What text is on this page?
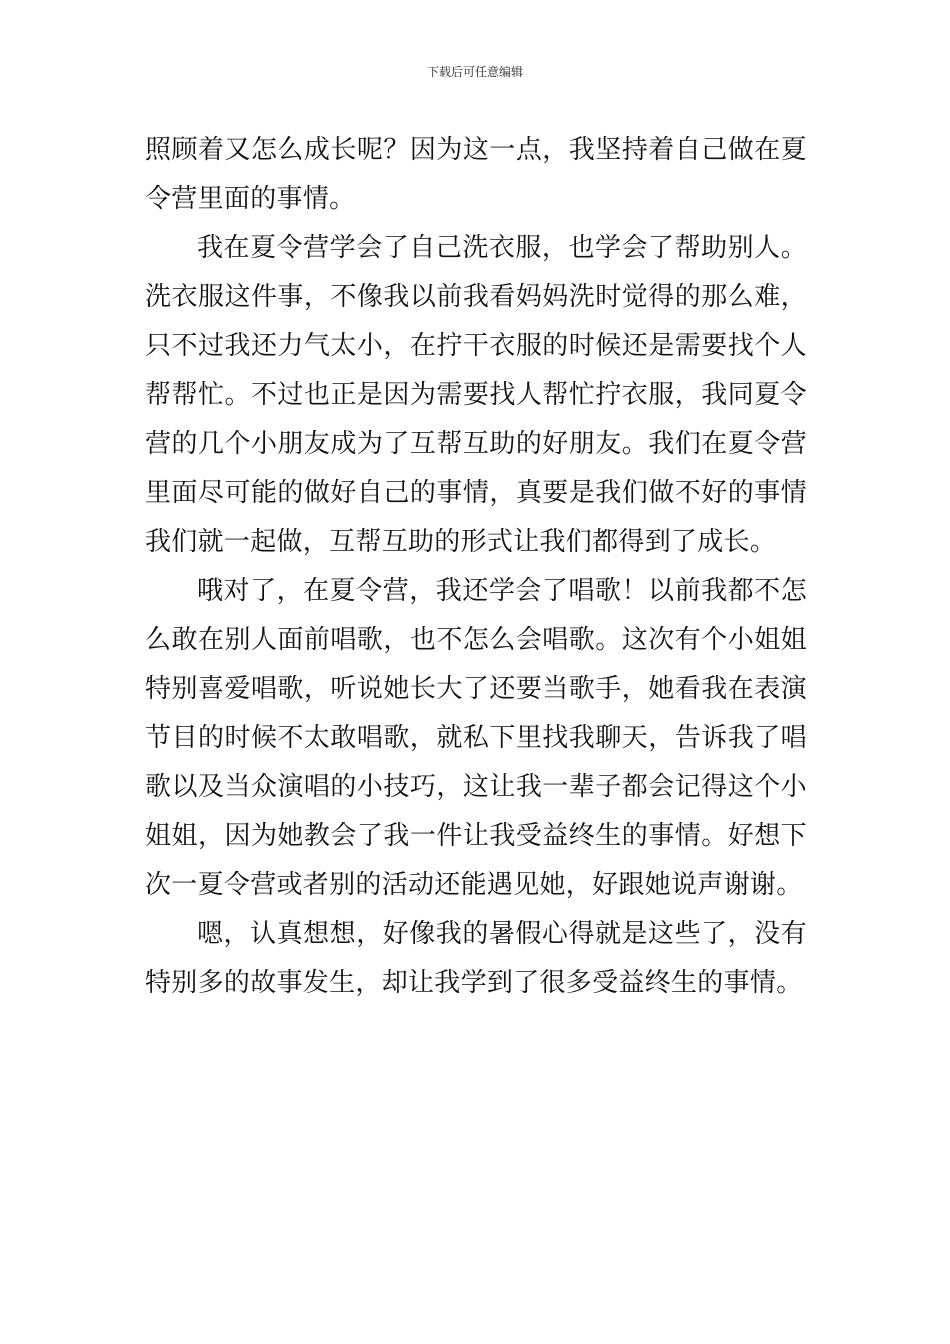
下载后可任意编辑

照顾着又怎么成长呢？因为这一点，我坚持着自己做在夏令营里面的事情。

我在夏令营学会了自己洗衣服，也学会了帮助别人。洗衣服这件事，不像我以前我看妈妈洗时觉得的那么难，只不过我还力气太小，在拧干衣服的时候还是需要找个人帮帮忙。不过也正是因为需要找人帮忙拧衣服，我同夏令营的几个小朋友成为了互帮互助的好朋友。我们在夏令营里面尽可能的做好自己的事情，真要是我们做不好的事情我们就一起做，互帮互助的形式让我们都得到了成长。

哦对了，在夏令营，我还学会了唱歌！以前我都不怎么敢在别人面前唱歌，也不怎么会唱歌。这次有个小姐姐特别喜爱唱歌，听说她长大了还要当歌手，她看我在表演节目的时候不太敢唱歌，就私下里找我聊天，告诉我了唱歌以及当众演唱的小技巧，这让我一辈子都会记得这个小姐姐，因为她教会了我一件让我受益终生的事情。好想下次一夏令营或者别的活动还能遇见她，好跟她说声谢谢。

嗯，认真想想，好像我的暑假心得就是这些了，没有特别多的故事发生，却让我学到了很多受益终生的事情。
